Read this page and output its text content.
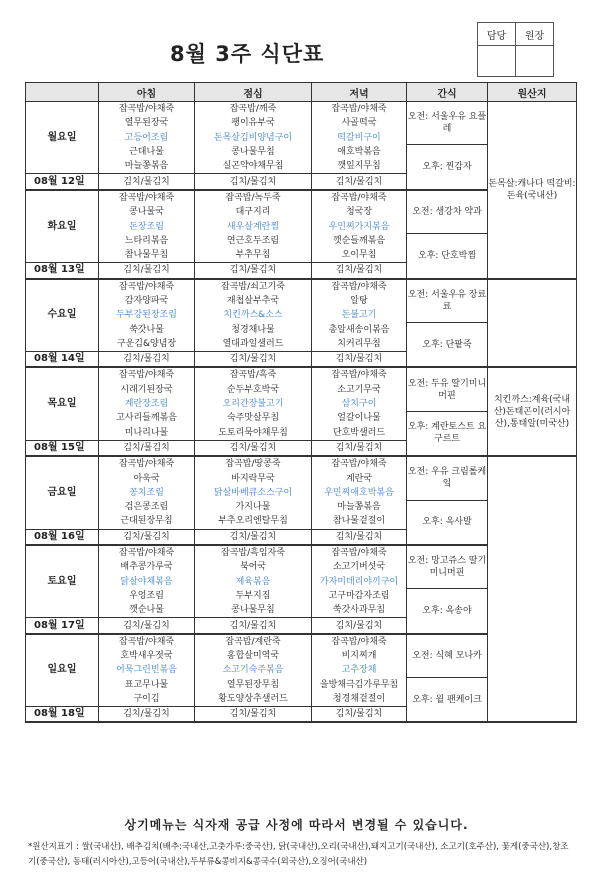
8월 3주 식단표
담당	원장

	아침	점심	저녁	간식	원산지
월요일	잡곡밥/야채죽	잡곡밥/깨죽	잡곡밥/야채죽	오전: 서울우유 요플레	돈목살:캐나다 떡갈비:돈육(국내산)
	열무된장국	팽이유부국	사골떡국		
	고등어조림	돈목살김비양념구이	떡갈비구이		
	근대나물	콩나물무침	애호박볶음	오후: 찐감자	
	마늘쫑볶음	실곤약야채무침	깻잎지무침		
08월 12일	김치/물김치	김치/물김치	김치/물김치		
화요일	잡곡밥/야채죽	잡곡밥/녹두죽	잡곡밥/야채죽	오전: 생강차 약과	
	콩나물국	대구지리	청국장		
	돈장조림	새우살계란찜	우민찌가지볶음		
	느타리볶음	연근호두조림	깻순들깨볶음	오후: 단호박찜	
	참나물무침	부추무침	오이무침		
08월 13일	김치/물김치	김치/물김치	김치/물김치		
수요일	잡곡밥/야채죽	잡곡밥/쇠고기죽	잡곡밥/야채죽	오전: 서울우유 장료료	
	감자양파국	재첩살부추국	알탕		
	두부강된장조림	치킨까스&소스	돈불고기		
	쑥갓나물	청경채나물	총알새송이볶음	오후: 단팥죽	
	구운김&양념장	열대과일샐러드	치커리무침		
08월 14일	김치/물김치	김치/물김치	김치/물김치		
목요일	잡곡밥/야채죽	잡곡밥/흑죽	잡곡밥/야채죽	오전: 두유 딸기미니머핀	치킨까스:계육(국내산)돈태곤이(러시아산),통태알(미국산)
	시래기된장국	순두부호박국	소고기무국		
	계란장조림	오리간장불고기	삼치구이		
	고사리들깨볶음	숙주맛살무침	얼갈이나물	오후: 계란토스트 요구르트	
	미나리나물	도토리묵야채무침	단호박샐러드		
08월 15일	김치/물김치	김치/물김치	김치/물김치		
금요일	잡곡밥/야채죽	잡곡밥/땅콩죽	잡곡밥/야채죽	오전: 우유 크림롤케잌	
	아욱국	바지락무국	계란국		
	꽁치조림	닭살바베큐소스구이	우민찌애호박볶음		
	검은콩조림	가지나물	마늘쫑볶음	오후: 옥사발	
	근대된장무침	부추오리엔탈무침	참나물겉절이		
08월 16일	김치/물김치	김치/물김치	김치/물김치		
토요일	잡곡밥/야채죽	잡곡밥/흑임자죽	잡곡밥/야채죽	오전: 망고쥬스 딸기미니머핀	
	배추콩가루국	북어국	소고기버섯국		
	닭살야채볶음	제육볶음	가자미데리야끼구이		
	우엉조림	두부지짐	고구마감자조림	오후: 옥송야	
	깻순나물	콩나물무침	쑥갓사과무침		
08월 17일	김치/물김치	김치/물김치	김치/물김치		
일요일	잡곡밥/야채죽	잡곡밥/계란죽	잡곡밥/야채죽	오전: 식혜 모나카	
	호박새우젓국	홍합살미역국	비지찌개		
	어묵그린빈볶음	소고기숙주볶음	고추장채		
	표고무나물	열무된장무침	을방채극김가루무침	오후: 윌 팬케이크	
	구이김	황도양상추샐러드	청경채겉절이		
08월 18일	김치/물김치	김치/물김치	김치/물김치		
상기메뉴는 식자재 공급 사정에 따라서 변경될 수 있습니다.
*원산지표기 : 쌀(국내산), 배추김치(배추:국내산,고춧가루:중국산), 닭(국내산),오리(국내산),돼지고기(국내산), 소고기(호주산), 꽃게(중국산),창조기(중국산), 동태(러시아산),고등어(국내산),두부류&콩비지&콩국수(외국산),오징어(국내산)
